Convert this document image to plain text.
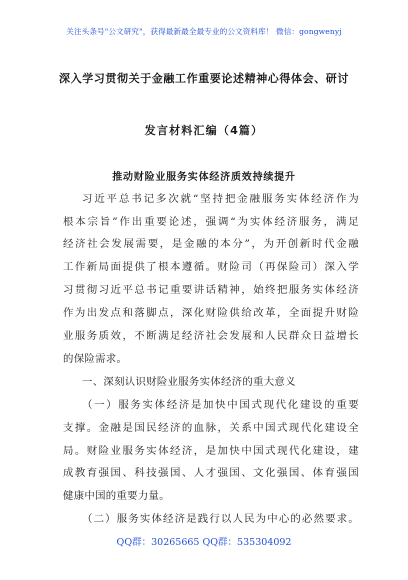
关注头条号"公文研究"，获得最新最全最专业的公文资料库！ 微信：gongwenyj
深入学习贯彻关于金融工作重要论述精神心得体会、研讨
发言材料汇编（4篇）
推动财险业服务实体经济质效持续提升
习近平总书记多次就“坚持把金融服务实体经济作为
根本宗旨”作出重要论述，强调“为实体经济服务，满足
经济社会发展需要，是金融的本分”，为开创新时代金融
工作新局面提供了根本遵循。财险司（再保险司）深入学
习贯彻习近平总书记重要讲话精神，始终把服务实体经济
作为出发点和落脚点，深化财险供给改革，全面提升财险
业服务质效，不断满足经济社会发展和人民群众日益增长
的保险需求。
一、深刻认识财险业服务实体经济的重大意义
（一）服务实体经济是加快中国式现代化建设的重要
支撑。金融是国民经济的血脉，关系中国式现代化建设全
局。财险业服务实体经济，是加快中国式现代化建设，建
成教育强国、科技强国、人才强国、文化强国、体育强国
健康中国的重要力量。
（二）服务实体经济是践行以人民为中心的必然要求。
QQ群：30265665 QQ群：535304092
